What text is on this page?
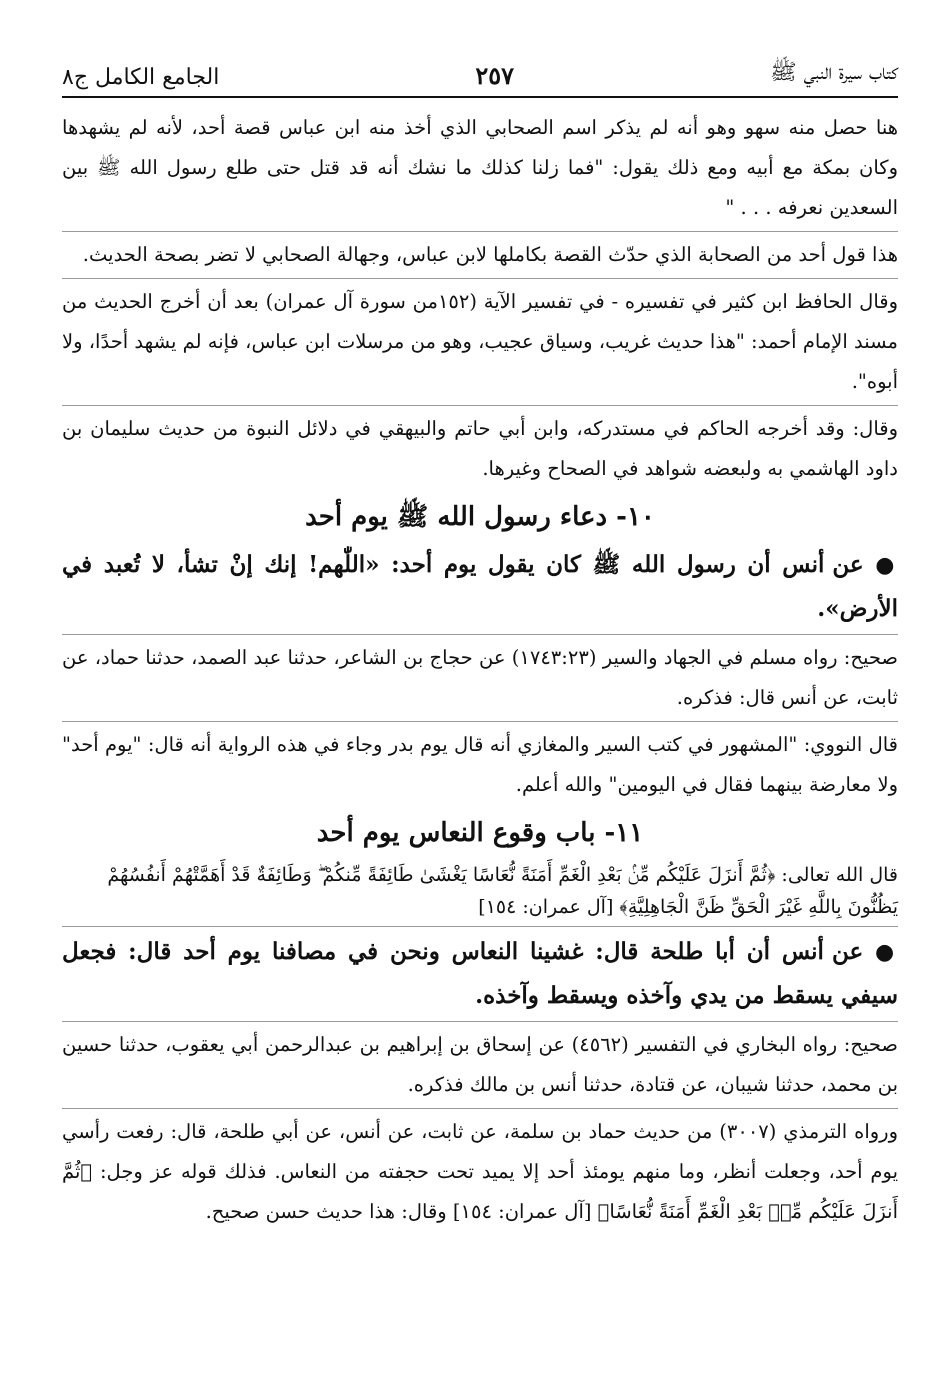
كتاب سيرة النبي ﷺ
٢٥٧
الجامع الكامل ج٨

هنا حصل منه سهو وهو أنه لم يذكر اسم الصحابي الذي أخذ منه ابن عباس قصة أحد، لأنه لم يشهدها وكان بمكة مع أبيه ومع ذلك يقول: "فما زلنا كذلك ما نشك أنه قد قتل حتى طلع رسول الله ﷺ بين السعدين نعرفه . . . "

هذا قول أحد من الصحابة الذي حدّث القصة بكاملها لابن عباس، وجهالة الصحابي لا تضر بصحة الحديث.

وقال الحافظ ابن كثير في تفسيره - في تفسير الآية (١٥٢من سورة آل عمران) بعد أن أخرج الحديث من مسند الإمام أحمد: "هذا حديث غريب، وسياق عجيب، وهو من مرسلات ابن عباس، فإنه لم يشهد أحدًا، ولا أبوه".

وقال: وقد أخرجه الحاكم في مستدركه، وابن أبي حاتم والبيهقي في دلائل النبوة من حديث سليمان بن داود الهاشمي به ولبعضه شواهد في الصحاح وغيرها.

١٠- دعاء رسول الله ﷺ يوم أحد

● عن أنس أن رسول الله ﷺ كان يقول يوم أحد: «اللّٰهم! إنك إنْ تشأ، لا تُعبد في الأرض».

صحيح: رواه مسلم في الجهاد والسير (١٧٤٣:٢٣) عن حجاج بن الشاعر، حدثنا عبد الصمد، حدثنا حماد، عن ثابت، عن أنس قال: فذكره.

قال النووي: "المشهور في كتب السير والمغازي أنه قال يوم بدر وجاء في هذه الرواية أنه قال: "يوم أحد" ولا معارضة بينهما فقال في اليومين" والله أعلم.

١١- باب وقوع النعاس يوم أحد

قال الله تعالى: ﴿ثُمَّ أَنزَلَ عَلَيْكُم مِّنۢ بَعْدِ الْغَمِّ أَمَنَةً نُّعَاسًا يَغْشَىٰ طَائِفَةً مِّنكُمْ ۖ وَطَائِفَةٌ قَدْ أَهَمَّتْهُمْ أَنفُسُهُمْ يَظُنُّونَ بِاللَّهِ غَيْرَ الْحَقِّ ظَنَّ الْجَاهِلِيَّةِ﴾ [آل عمران: ١٥٤]

● عن أنس أن أبا طلحة قال: غشينا النعاس ونحن في مصافنا يوم أحد قال: فجعل سيفي يسقط من يدي وآخذه ويسقط وآخذه.

صحيح: رواه البخاري في التفسير (٤٥٦٢) عن إسحاق بن إبراهيم بن عبدالرحمن أبي يعقوب، حدثنا حسين بن محمد، حدثنا شيبان، عن قتادة، حدثنا أنس بن مالك فذكره.

ورواه الترمذي (٣٠٠٧) من حديث حماد بن سلمة، عن ثابت، عن أنس، عن أبي طلحة، قال: رفعت رأسي يوم أحد، وجعلت أنظر، وما منهم يومئذ أحد إلا يميد تحت حجفته من النعاس. فذلك قوله عز وجل: ﴿ثُمَّ أَنزَلَ عَلَيْكُم مِّنۢ بَعْدِ الْغَمِّ أَمَنَةً نُّعَاسًا﴾ [آل عمران: ١٥٤] وقال: هذا حديث حسن صحيح.
